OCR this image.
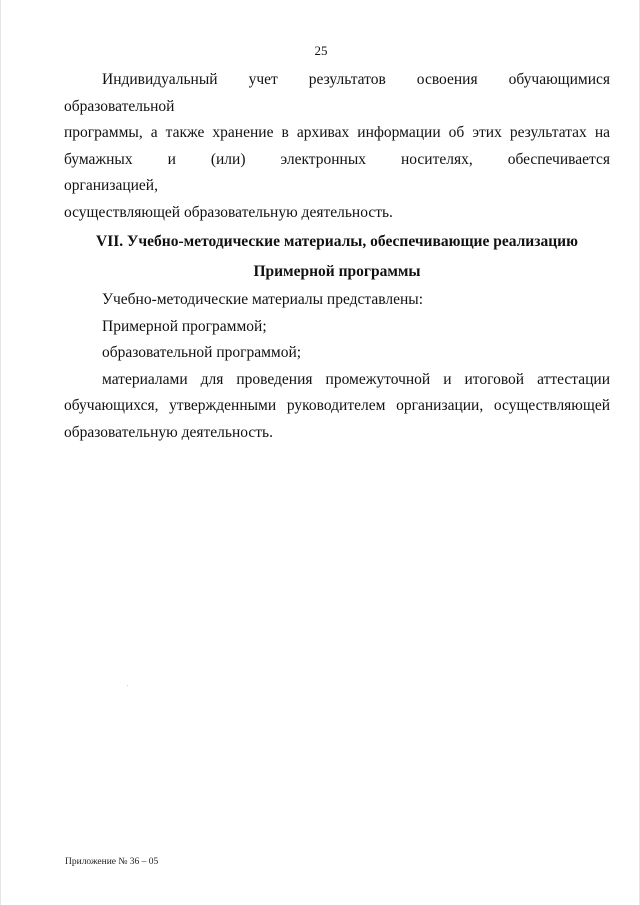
25

Индивидуальный учет результатов освоения обучающимися образовательной

программы, а также хранение в архивах информации об этих результатах на

бумажных и (или) электронных носителях, обеспечивается организацией,

осуществляющей образовательную деятельность.

VII. Учебно-методические материалы, обеспечивающие реализацию
Примерной программы

Учебно-методические материалы представлены:

Примерной программой;

образовательной программой;

материалами для проведения промежуточной и итоговой аттестации

обучающихся, утвержденными руководителем организации, осуществляющей

образовательную деятельность.

Приложение № 36 – 05
